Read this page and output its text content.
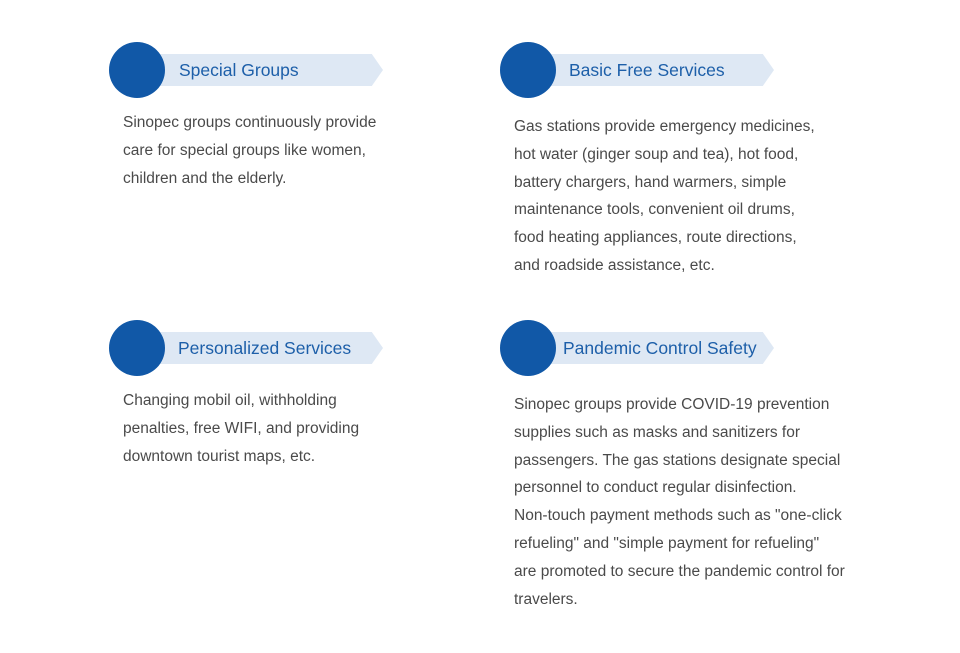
Special Groups
Sinopec groups continuously provide
care for special groups like women,
children and the elderly.
Basic Free Services
Gas stations provide emergency medicines,
hot water (ginger soup and tea), hot food,
battery chargers, hand warmers, simple
maintenance tools, convenient oil drums,
food heating appliances, route directions,
and roadside assistance, etc.
Personalized Services
Changing mobil oil, withholding
penalties, free WIFI, and providing
downtown tourist maps, etc.
Pandemic Control Safety
Sinopec groups provide COVID-19 prevention
supplies such as masks and sanitizers for
passengers. The gas stations designate special
personnel to conduct regular disinfection.
Non-touch payment methods such as "one-click
refueling" and "simple payment for refueling"
are promoted to secure the pandemic control for
travelers.
